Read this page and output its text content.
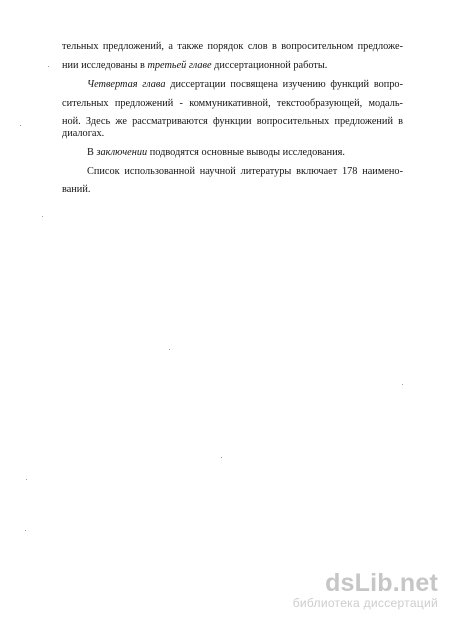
тельных предложений, а также порядок слов в вопросительном предложе-
нии исследованы в третьей главе диссертационной работы.
Четвертая глава диссертации посвящена изучению функций вопро-
сительных предложений - коммуникативной, текстообразующей, модаль-
ной. Здесь же рассматриваются функции вопросительных предложений в
диалогах.
В заключении подводятся основные выводы исследования.
Список использованной научной литературы включает 178 наимено-
ваний.
dsLib.net
библиотека диссертаций
